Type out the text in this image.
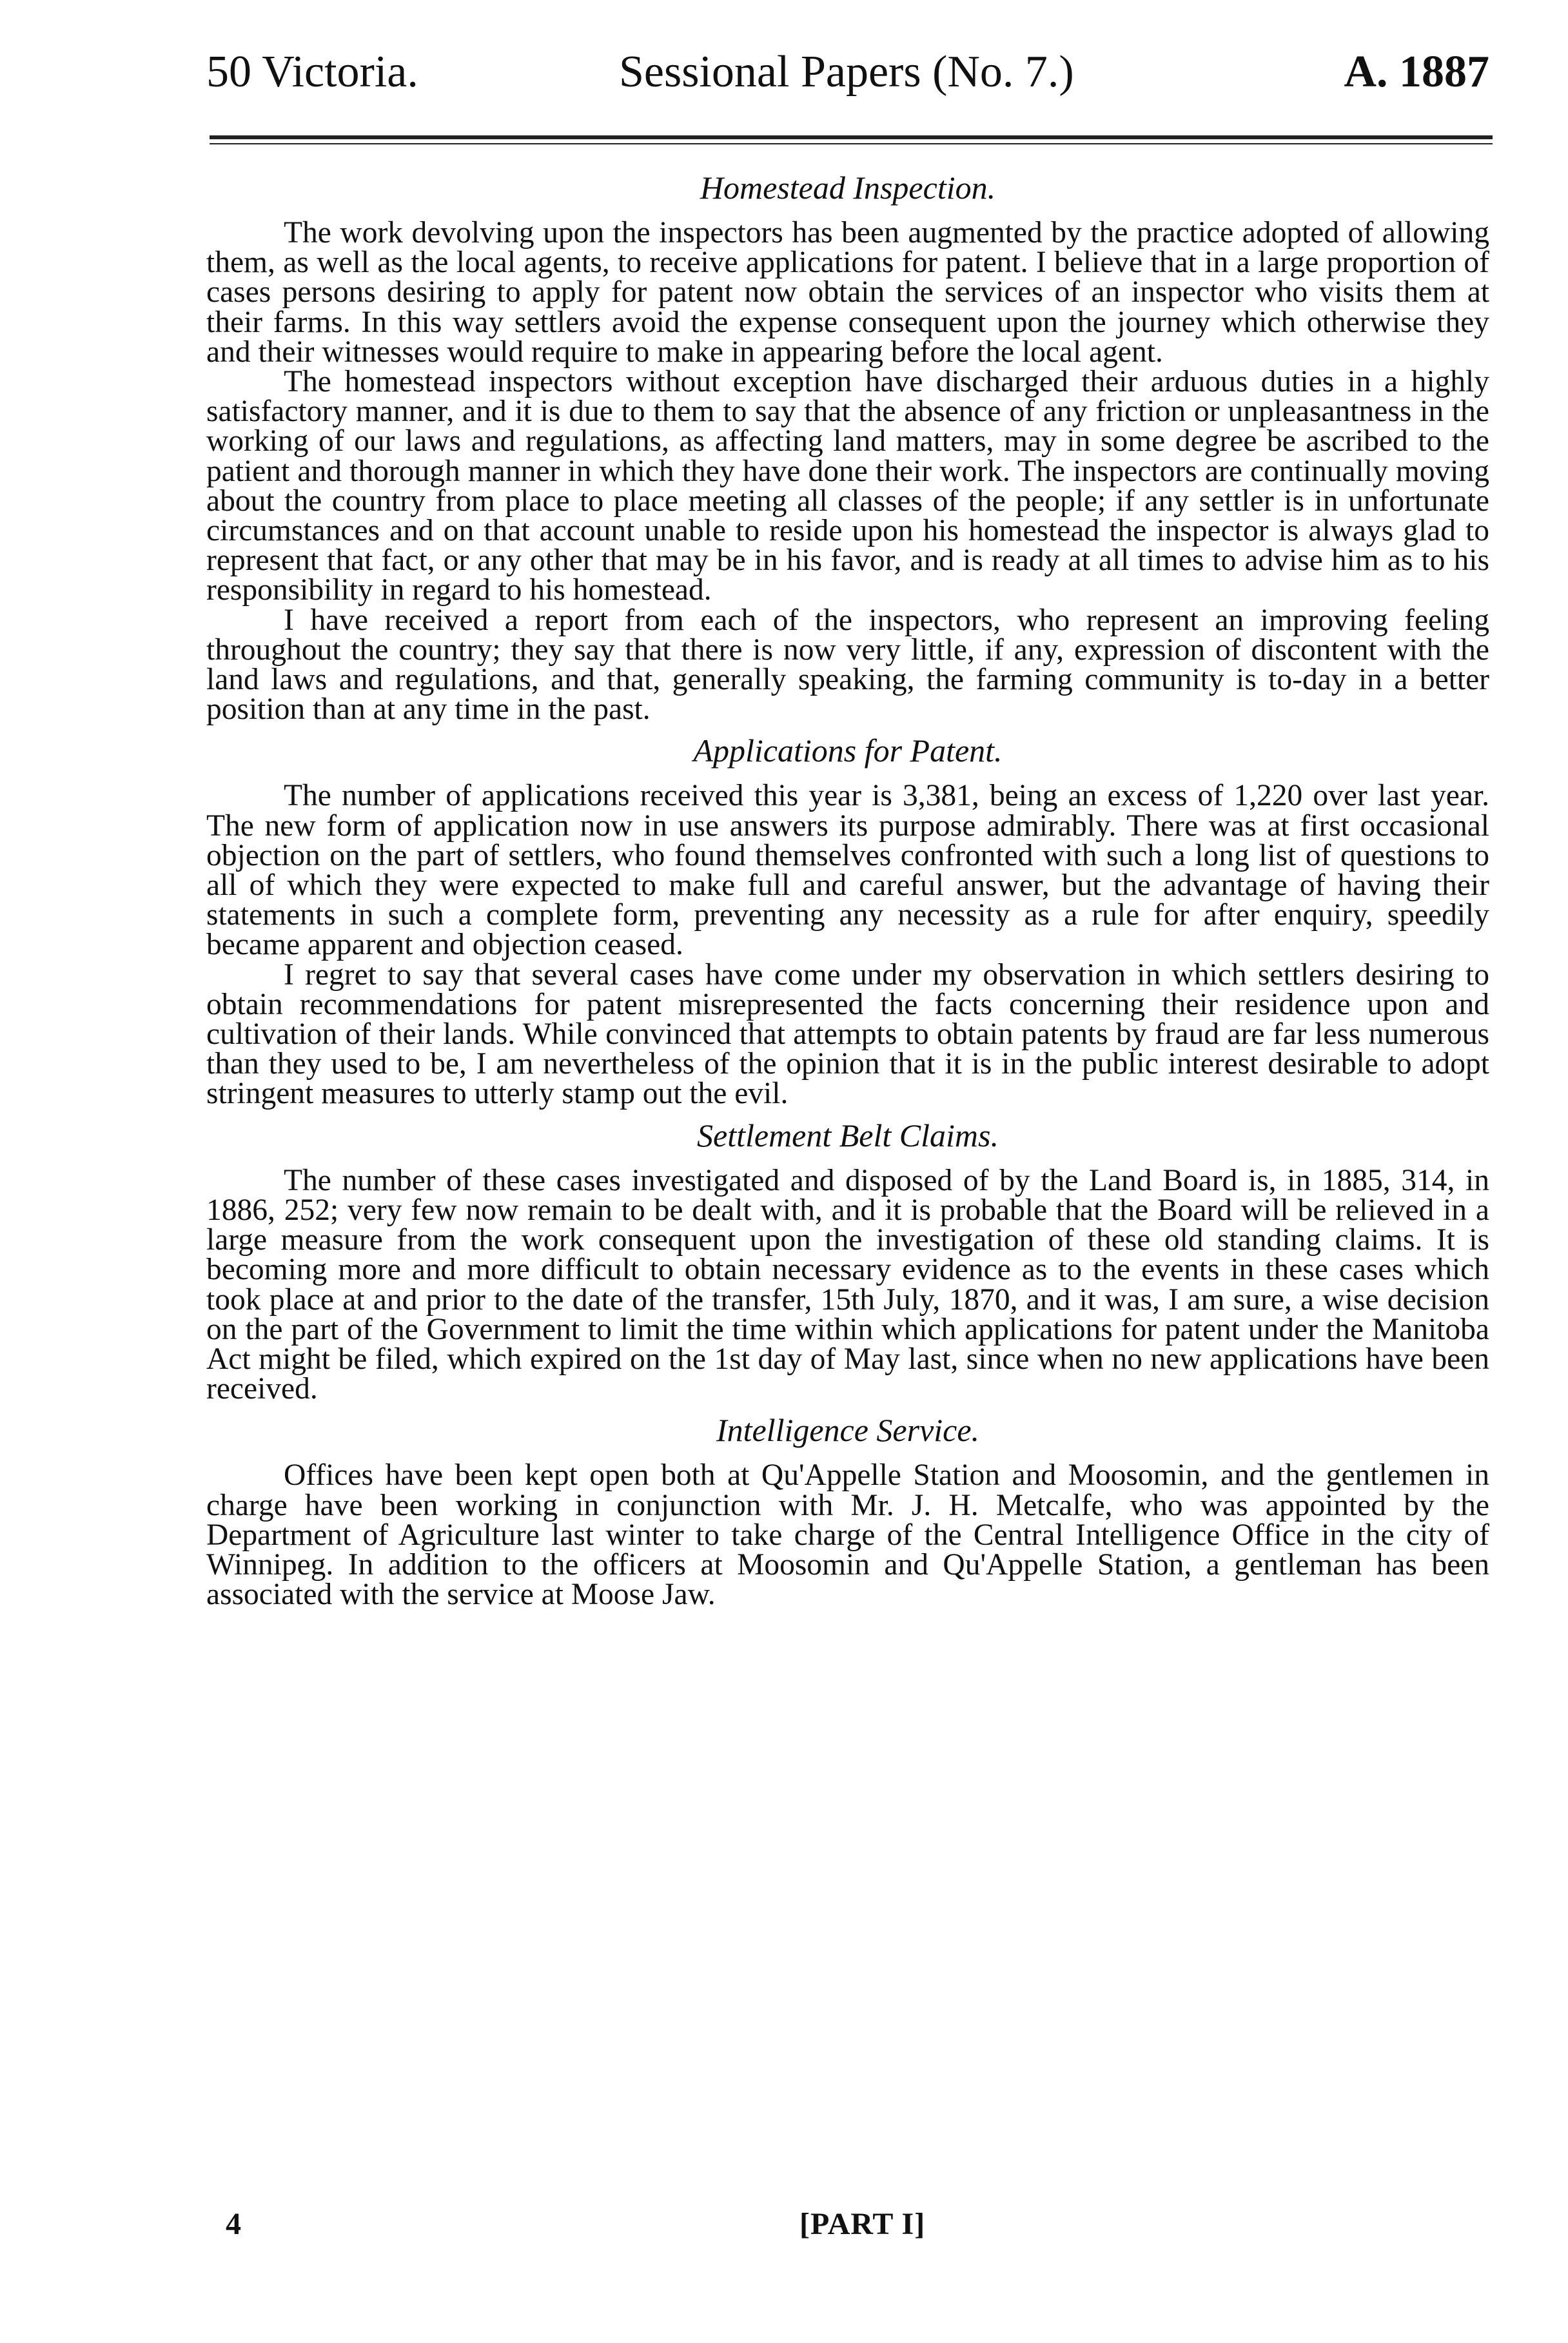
50 Victoria.	Sessional Papers (No. 7.)	A. 1887
Homestead Inspection.

The work devolving upon the inspectors has been augmented by the practice adopted of allowing them, as well as the local agents, to receive applications for patent. I believe that in a large proportion of cases persons desiring to apply for patent now obtain the services of an inspector who visits them at their farms. In this way settlers avoid the expense consequent upon the journey which otherwise they and their witnesses would require to make in appearing before the local agent.

The homestead inspectors without exception have discharged their arduous duties in a highly satisfactory manner, and it is due to them to say that the absence of any friction or unpleasantness in the working of our laws and regulations, as affecting land matters, may in some degree be ascribed to the patient and thorough manner in which they have done their work. The inspectors are continually moving about the country from place to place meeting all classes of the people; if any settler is in unfortunate circumstances and on that account unable to reside upon his homestead the inspector is always glad to represent that fact, or any other that may be in his favor, and is ready at all times to advise him as to his responsibility in regard to his homestead.

I have received a report from each of the inspectors, who represent an improving feeling throughout the country; they say that there is now very little, if any, expression of discontent with the land laws and regulations, and that, generally speaking, the farming community is to-day in a better position than at any time in the past.

Applications for Patent.

The number of applications received this year is 3,381, being an excess of 1,220 over last year. The new form of application now in use answers its purpose admirably. There was at first occasional objection on the part of settlers, who found themselves confronted with such a long list of questions to all of which they were expected to make full and careful answer, but the advantage of having their statements in such a complete form, preventing any necessity as a rule for after enquiry, speedily became apparent and objection ceased.

I regret to say that several cases have come under my observation in which settlers desiring to obtain recommendations for patent misrepresented the facts concerning their residence upon and cultivation of their lands. While convinced that attempts to obtain patents by fraud are far less numerous than they used to be, I am nevertheless of the opinion that it is in the public interest desirable to adopt stringent measures to utterly stamp out the evil.

Settlement Belt Claims.

The number of these cases investigated and disposed of by the Land Board is, in 1885, 314, in 1886, 252; very few now remain to be dealt with, and it is probable that the Board will be relieved in a large measure from the work consequent upon the investigation of these old standing claims. It is becoming more and more difficult to obtain necessary evidence as to the events in these cases which took place at and prior to the date of the transfer, 15th July, 1870, and it was, I am sure, a wise decision on the part of the Government to limit the time within which applications for patent under the Manitoba Act might be filed, which expired on the 1st day of May last, since when no new applications have been received.

Intelligence Service.

Offices have been kept open both at Qu'Appelle Station and Moosomin, and the gentlemen in charge have been working in conjunction with Mr. J. H. Metcalfe, who was appointed by the Department of Agriculture last winter to take charge of the Central Intelligence Office in the city of Winnipeg. In addition to the officers at Moosomin and Qu'Appelle Station, a gentleman has been associated with the service at Moose Jaw.

4	[PART I]
